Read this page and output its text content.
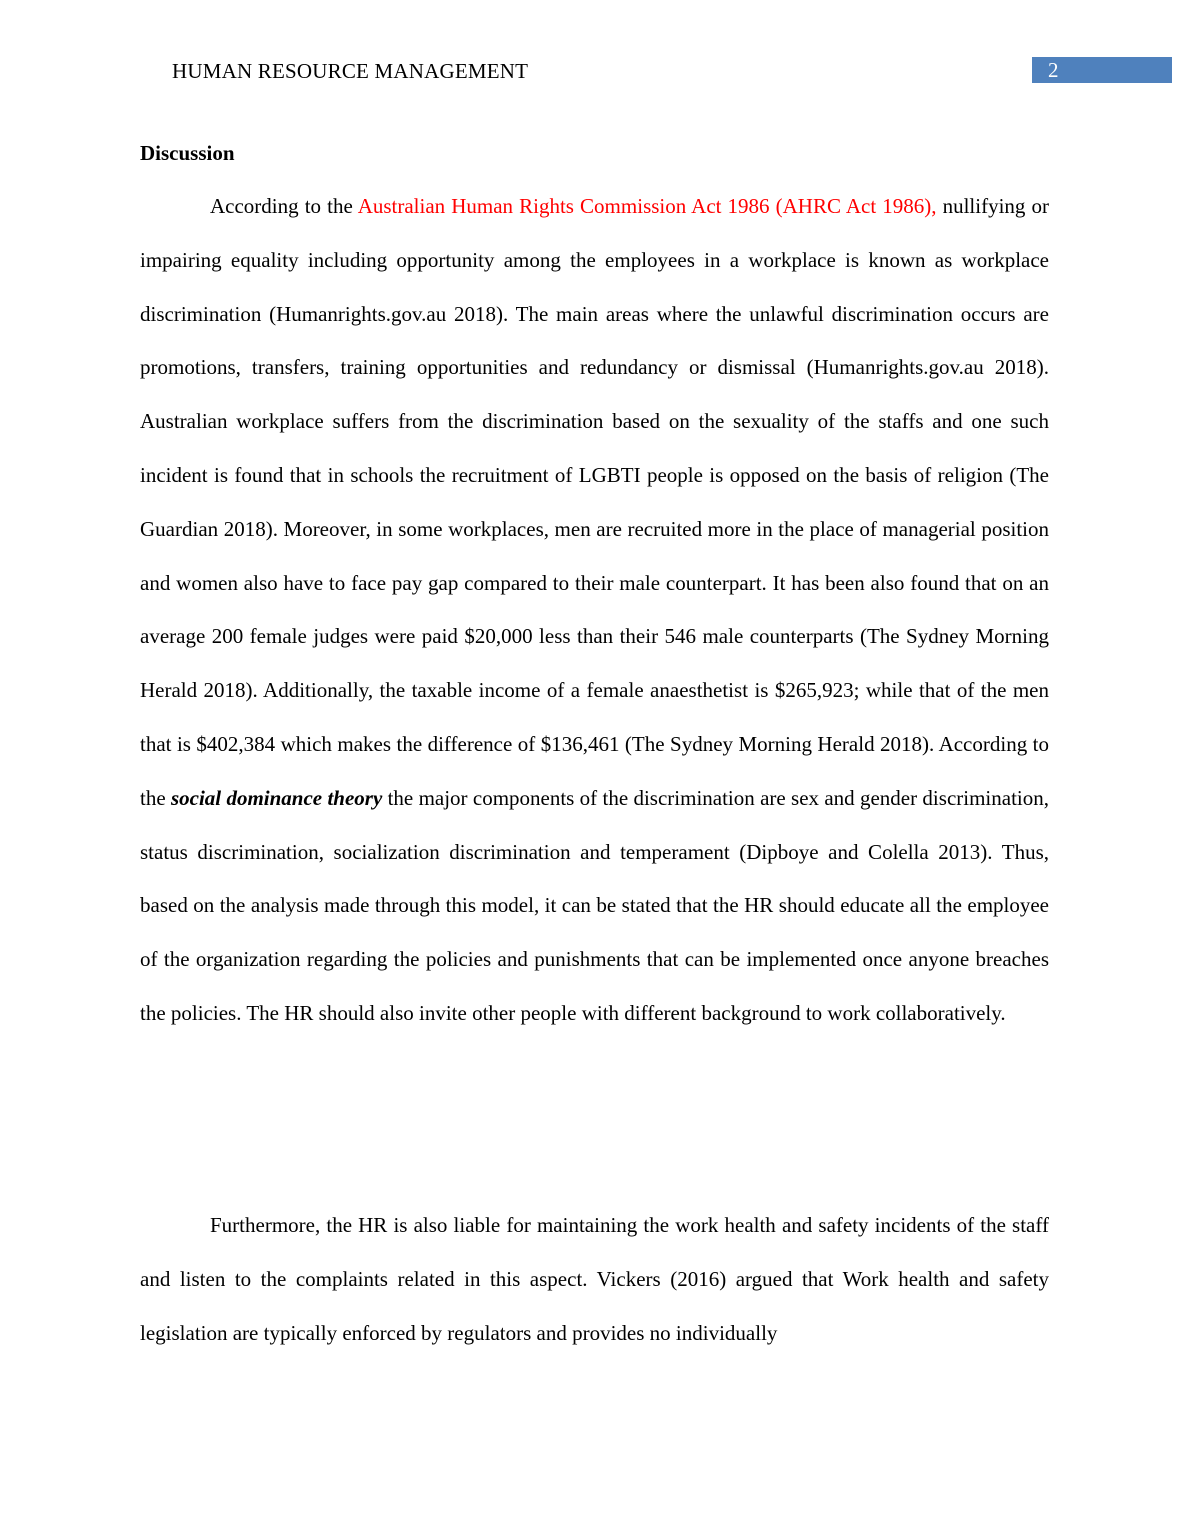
HUMAN RESOURCE MANAGEMENT	2
Discussion

According to the Australian Human Rights Commission Act 1986 (AHRC Act 1986), nullifying or impairing equality including opportunity among the employees in a workplace is known as workplace discrimination (Humanrights.gov.au 2018). The main areas where the unlawful discrimination occurs are promotions, transfers, training opportunities and redundancy or dismissal (Humanrights.gov.au 2018). Australian workplace suffers from the discrimination based on the sexuality of the staffs and one such incident is found that in schools the recruitment of LGBTI people is opposed on the basis of religion (The Guardian 2018). Moreover, in some workplaces, men are recruited more in the place of managerial position and women also have to face pay gap compared to their male counterpart. It has been also found that on an average 200 female judges were paid $20,000 less than their 546 male counterparts (The Sydney Morning Herald 2018). Additionally, the taxable income of a female anaesthetist is $265,923; while that of the men that is $402,384 which makes the difference of $136,461 (The Sydney Morning Herald 2018). According to the social dominance theory the major components of the discrimination are sex and gender discrimination, status discrimination, socialization discrimination and temperament (Dipboye and Colella 2013). Thus, based on the analysis made through this model, it can be stated that the HR should educate all the employee of the organization regarding the policies and punishments that can be implemented once anyone breaches the policies. The HR should also invite other people with different background to work collaboratively.

Furthermore, the HR is also liable for maintaining the work health and safety incidents of the staff and listen to the complaints related in this aspect. Vickers (2016) argued that Work health and safety legislation are typically enforced by regulators and provides no individually
